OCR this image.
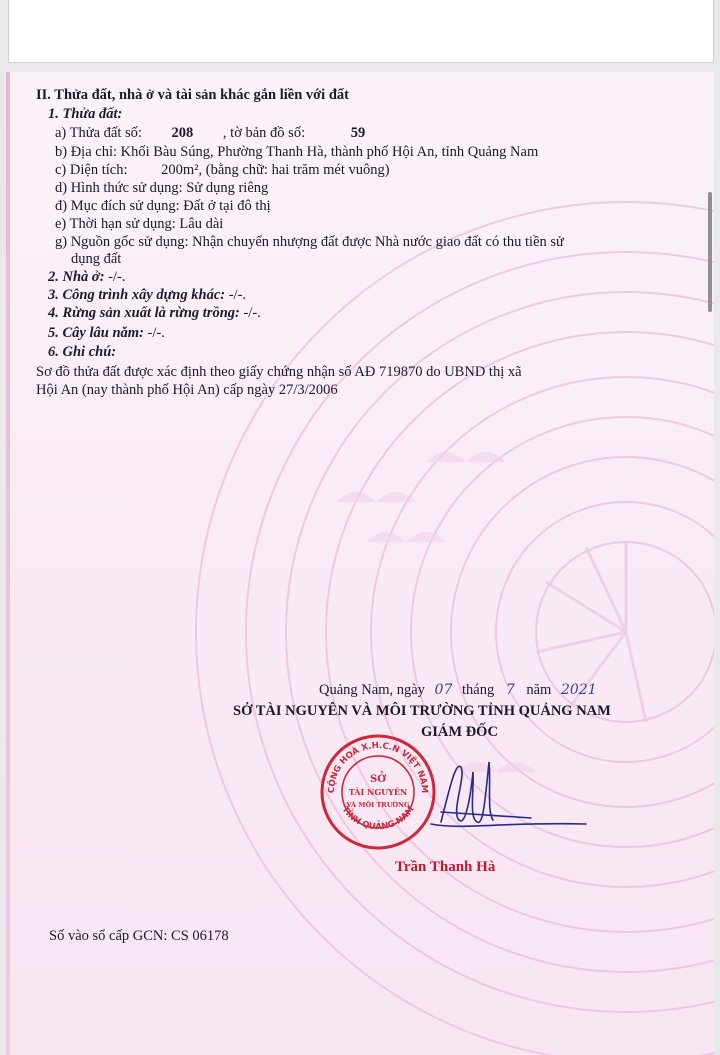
II. Thửa đất, nhà ở và tài sản khác gắn liền với đất
1. Thửa đất:
a) Thửa đất số: 208 , tờ bản đồ số:	59
b) Địa chỉ: Khối Bàu Súng, Phường Thanh Hà, thành phố Hội An, tỉnh Quảng Nam
c) Diện tích: 200m², (bằng chữ: hai trăm mét vuông)
d) Hình thức sử dụng: Sử dụng riêng
đ) Mục đích sử dụng: Đất ở tại đô thị
e) Thời hạn sử dụng: Lâu dài
g) Nguồn gốc sử dụng: Nhận chuyển nhượng đất được Nhà nước giao đất có thu tiền sử
dụng đất
2. Nhà ở: -/-.
3. Công trình xây dựng khác: -/-.
4. Rừng sản xuất là rừng trồng: -/-.
5. Cây lâu năm: -/-.
6. Ghi chú:
Sơ đồ thửa đất được xác định theo giấy chứng nhận số AĐ 719870 do UBND thị xã
Hội An (nay thành phố Hội An) cấp ngày 27/3/2006
Quảng Nam, ngày 07 tháng 7 năm 2021
SỞ TÀI NGUYÊN VÀ MÔI TRƯỜNG TỈNH QUẢNG NAM
GIÁM ĐỐC
CỘNG HOÀ X.H.C.N VIỆT NAM
TỈNH QUẢNG NAM
SỞ
TÀI NGUYÊN
VÀ MÔI TRƯỜNG
Trần Thanh Hà
Số vào sổ cấp GCN: CS 06178
